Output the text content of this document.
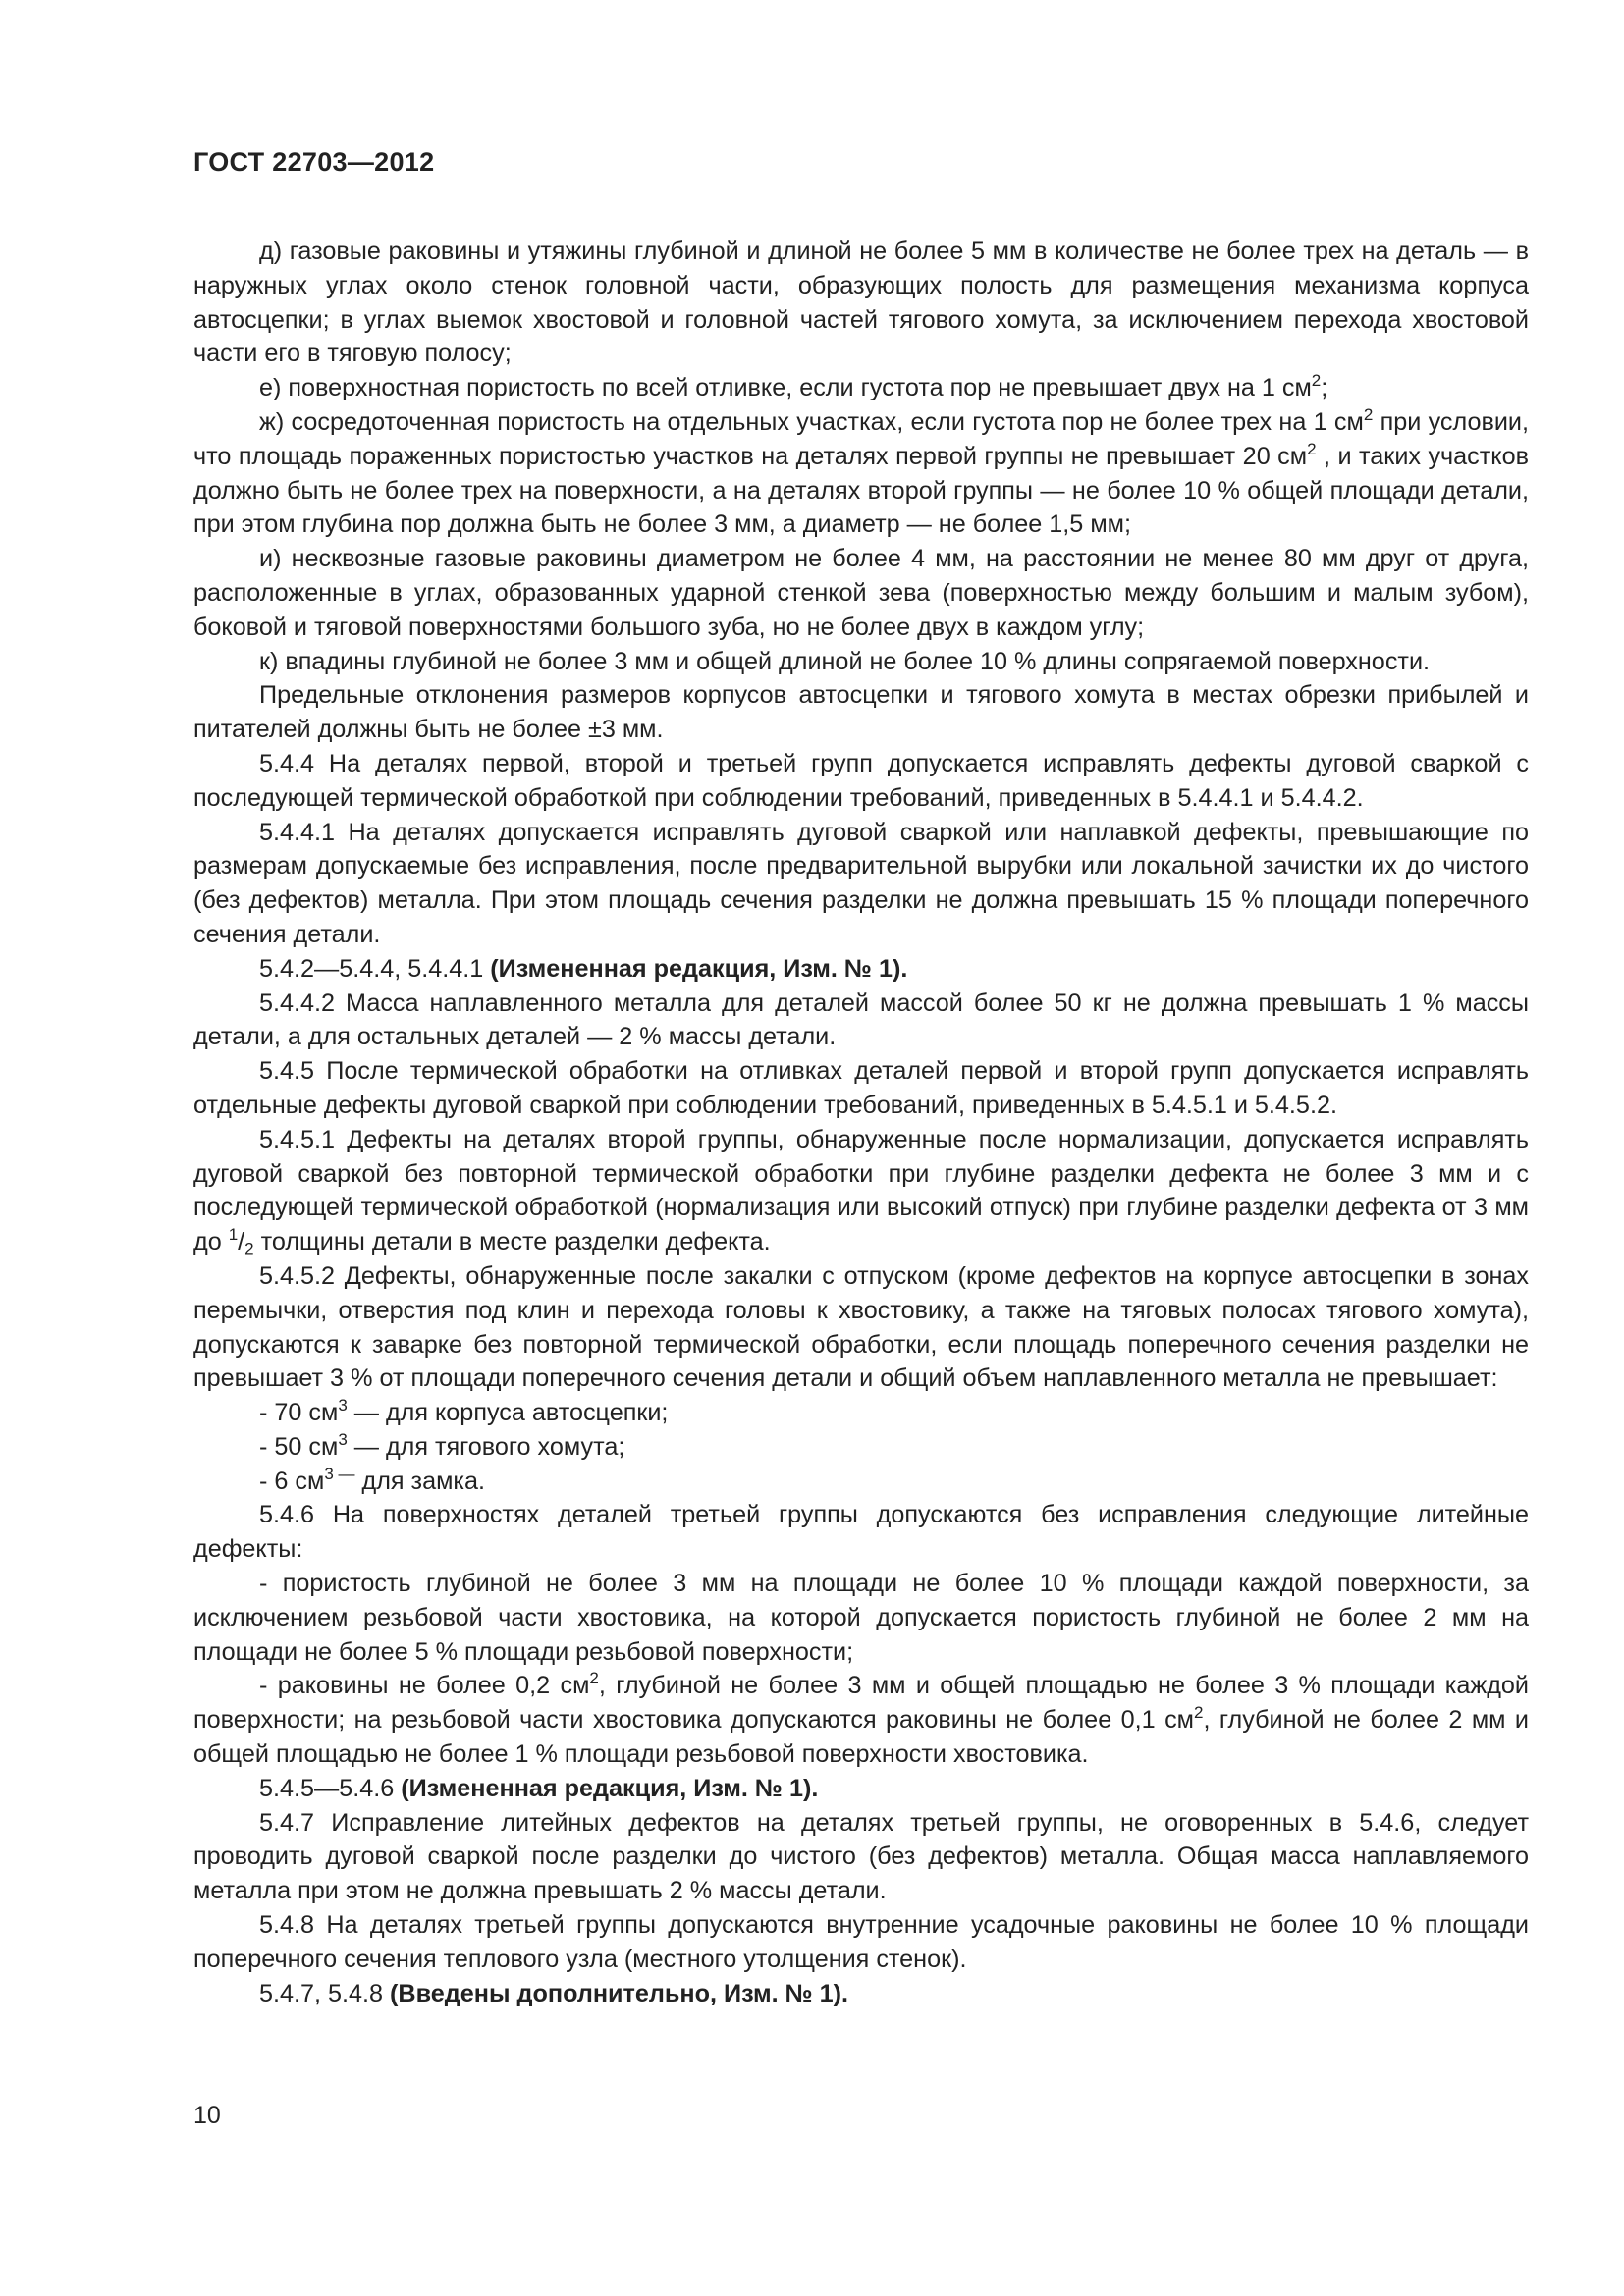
ГОСТ 22703—2012

д) газовые раковины и утяжины глубиной и длиной не более 5 мм в количестве не более трех на деталь — в наружных углах около стенок головной части, образующих полость для размещения механизма корпуса автосцепки; в углах выемок хвостовой и головной частей тягового хомута, за исключением перехода хвостовой части его в тяговую полосу;

е) поверхностная пористость по всей отливке, если густота пор не превышает двух на 1 $см^2$;

ж) сосредоточенная пористость на отдельных участках, если густота пор не более трех на 1 $см^2$ при условии, что площадь пораженных пористостью участков на деталях первой группы не превышает 20 $см^2$ , и таких участков должно быть не более трех на поверхности, а на деталях второй группы — не более 10 % общей площади детали, при этом глубина пор должна быть не более 3 мм, а диаметр — не более 1,5 мм;

и) несквозные газовые раковины диаметром не более 4 мм, на расстоянии не менее 80 мм друг от друга, расположенные в углах, образованных ударной стенкой зева (поверхностью между большим и малым зубом), боковой и тяговой поверхностями большого зуба, но не более двух в каждом углу;

к) впадины глубиной не более 3 мм и общей длиной не более 10 % длины сопрягаемой поверхности.

Предельные отклонения размеров корпусов автосцепки и тягового хомута в местах обрезки прибылей и питателей должны быть не более ±3 мм.

5.4.4 На деталях первой, второй и третьей групп допускается исправлять дефекты дуговой сваркой с последующей термической обработкой при соблюдении требований, приведенных в 5.4.4.1 и 5.4.4.2.

5.4.4.1 На деталях допускается исправлять дуговой сваркой или наплавкой дефекты, превышающие по размерам допускаемые без исправления, после предварительной вырубки или локальной зачистки их до чистого (без дефектов) металла. При этом площадь сечения разделки не должна превышать 15 % площади поперечного сечения детали.

5.4.2—5.4.4, 5.4.4.1 (Измененная редакция, Изм. № 1).

5.4.4.2 Масса наплавленного металла для деталей массой более 50 кг не должна превышать 1 % массы детали, а для остальных деталей — 2 % массы детали.

5.4.5 После термической обработки на отливках деталей первой и второй групп допускается исправлять отдельные дефекты дуговой сваркой при соблюдении требований, приведенных в 5.4.5.1 и 5.4.5.2.

5.4.5.1 Дефекты на деталях второй группы, обнаруженные после нормализации, допускается исправлять дуговой сваркой без повторной термической обработки при глубине разделки дефекта не более 3 мм и с последующей термической обработкой (нормализация или высокий отпуск) при глубине разделки дефекта от 3 мм до $^1/_2$ толщины детали в месте разделки дефекта.

5.4.5.2 Дефекты, обнаруженные после закалки с отпуском (кроме дефектов на корпусе автосцепки в зонах перемычки, отверстия под клин и перехода головы к хвостовику, а также на тяговых полосах тягового хомута), допускаются к заварке без повторной термической обработки, если площадь поперечного сечения разделки не превышает 3 % от площади поперечного сечения детали и общий объем наплавленного металла не превышает:

- 70 $см^3$ — для корпуса автосцепки;

- 50 $см^3$ — для тягового хомута;

- 6 $см^{3 —}$ для замка.

5.4.6 На поверхностях деталей третьей группы допускаются без исправления следующие литейные дефекты:

- пористость глубиной не более 3 мм на площади не более 10 % площади каждой поверхности, за исключением резьбовой части хвостовика, на которой допускается пористость глубиной не более 2 мм на площади не более 5 % площади резьбовой поверхности;

- раковины не более 0,2 $см^2$, глубиной не более 3 мм и общей площадью не более 3 % площади каждой поверхности; на резьбовой части хвостовика допускаются раковины не более 0,1 $см^2$, глубиной не более 2 мм и общей площадью не более 1 % площади резьбовой поверхности хвостовика.

5.4.5—5.4.6 (Измененная редакция, Изм. № 1).

5.4.7 Исправление литейных дефектов на деталях третьей группы, не оговоренных в 5.4.6, следует проводить дуговой сваркой после разделки до чистого (без дефектов) металла. Общая масса наплавляемого металла при этом не должна превышать 2 % массы детали.

5.4.8 На деталях третьей группы допускаются внутренние усадочные раковины не более 10 % площади поперечного сечения теплового узла (местного утолщения стенок).

5.4.7, 5.4.8 (Введены дополнительно, Изм. № 1).

10
